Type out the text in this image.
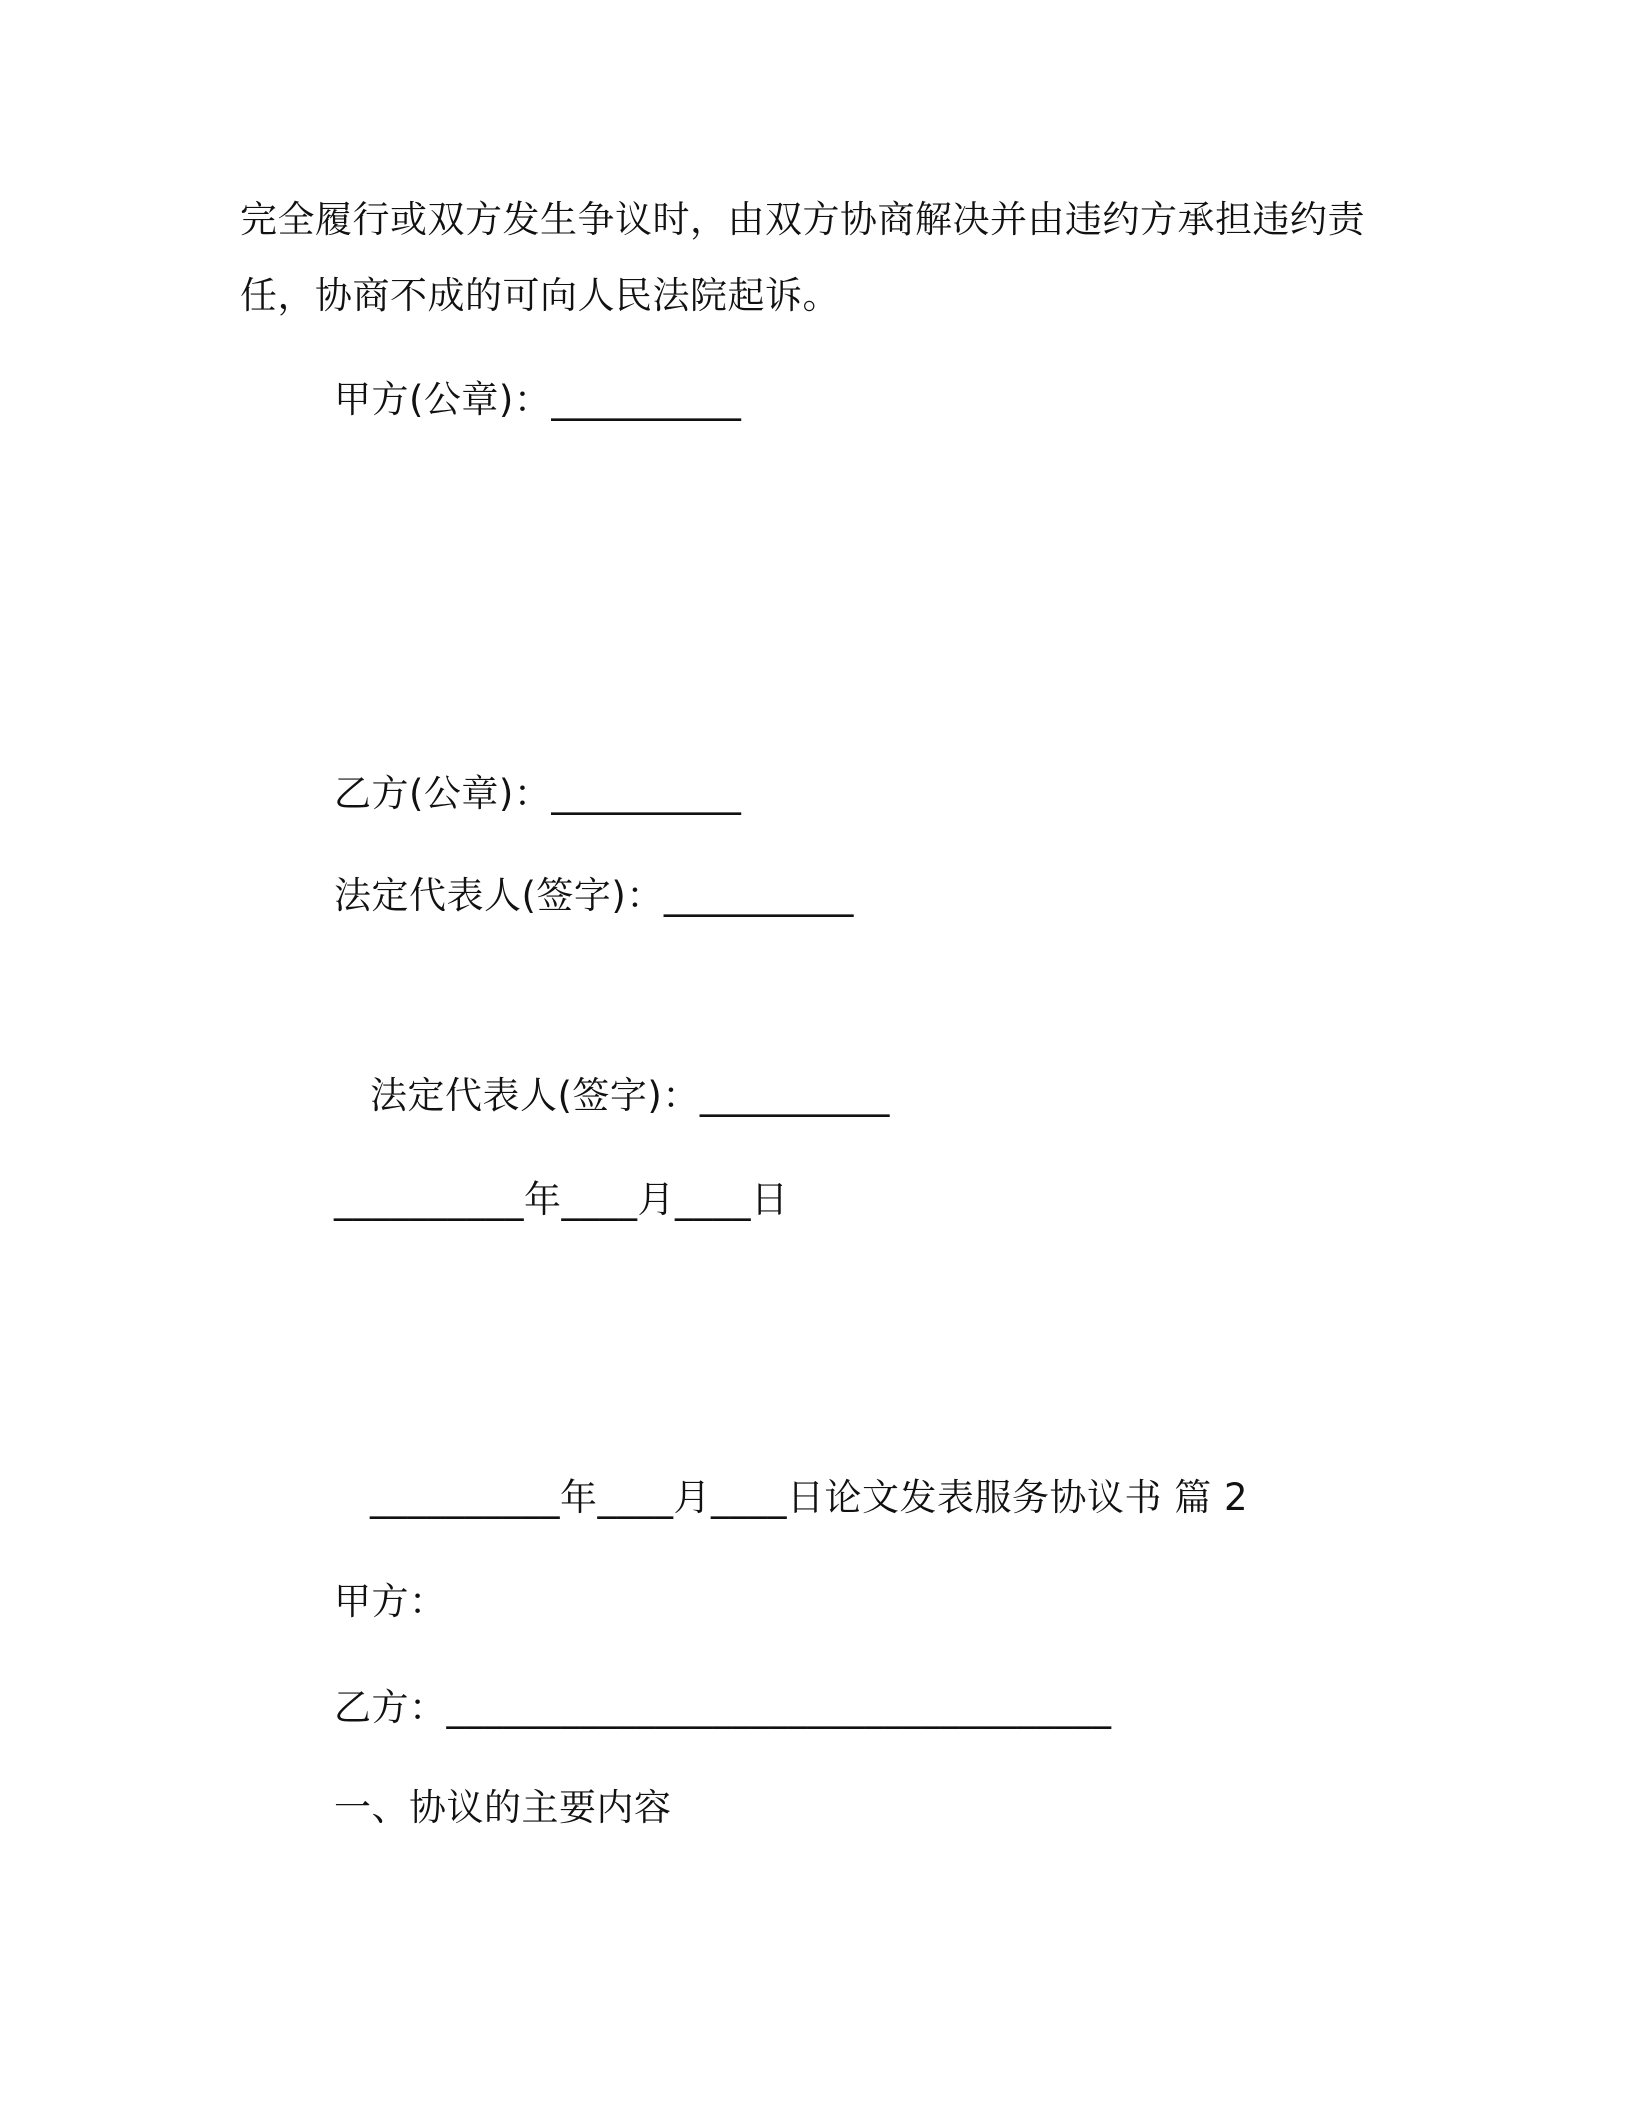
完全履行或双方发生争议时，由双方协商解决并由违约方承担违约责
任，协商不成的可向人民法院起诉。
甲方(公章)：__________
乙方(公章)：__________
法定代表人(签字)：__________
法定代表人(签字)：__________
__________年____月____日
__________年____月____日论文发表服务协议书 篇 2
甲方：
乙方：___________________________________
一、协议的主要内容
